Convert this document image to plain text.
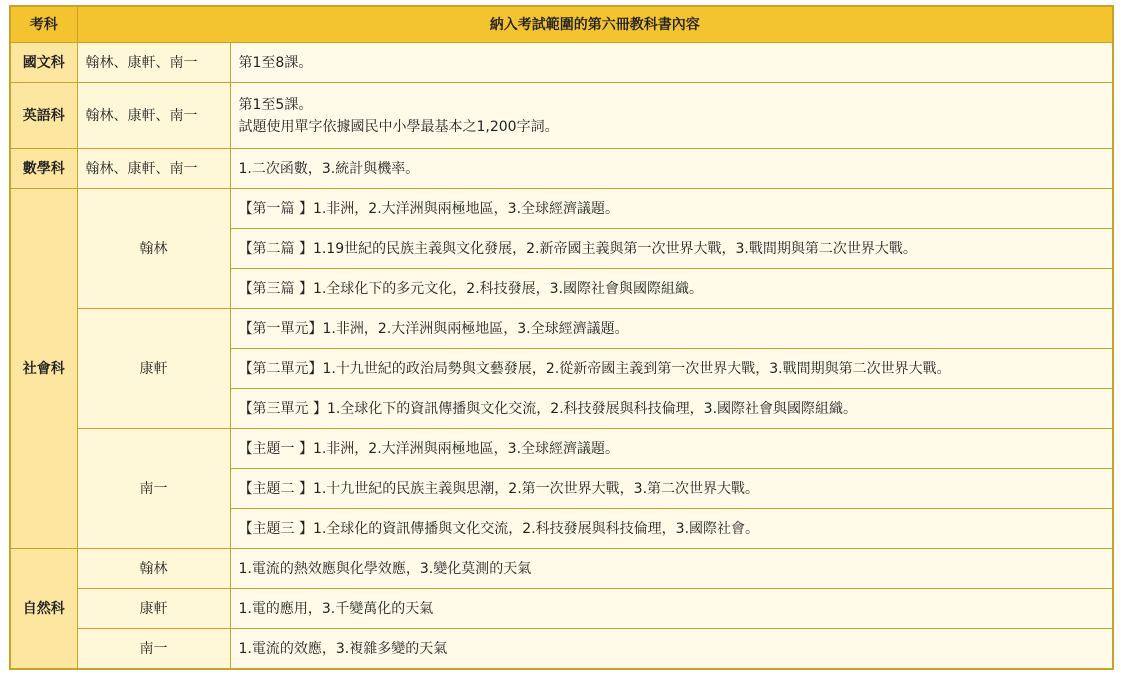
考科	納入考試範圍的第六冊教科書內容	
國文科	翰林、康軒、南一	第1至8課。
英語科	翰林、康軒、南一	第1至5課。
試題使用單字依據國民中小學最基本之1,200字詞。

數學科	翰林、康軒、南一	1.二次函數，3.統計與機率。
社會科	翰林	【第一篇 】1.非洲，2.大洋洲與兩極地區，3.全球經濟議題。
		【第二篇 】1.19世紀的民族主義與文化發展，2.新帝國主義與第一次世界大戰，3.戰間期與第二次世界大戰。
		【第三篇 】1.全球化下的多元文化，2.科技發展，3.國際社會與國際組織。
	康軒	【第一單元】1.非洲，2.大洋洲與兩極地區，3.全球經濟議題。
		【第二單元】1.十九世紀的政治局勢與文藝發展，2.從新帝國主義到第一次世界大戰，3.戰間期與第二次世界大戰。
		【第三單元 】1.全球化下的資訊傳播與文化交流，2.科技發展與科技倫理，3.國際社會與國際組織。
	南一	【主題一 】1.非洲，2.大洋洲與兩極地區，3.全球經濟議題。
		【主題二 】1.十九世紀的民族主義與思潮，2.第一次世界大戰，3.第二次世界大戰。
		【主題三 】1.全球化的資訊傳播與文化交流，2.科技發展與科技倫理，3.國際社會。
自然科	翰林	1.電流的熱效應與化學效應，3.變化莫測的天氣
	康軒	1.電的應用，3.千變萬化的天氣
	南一	1.電流的效應，3.複雜多變的天氣
